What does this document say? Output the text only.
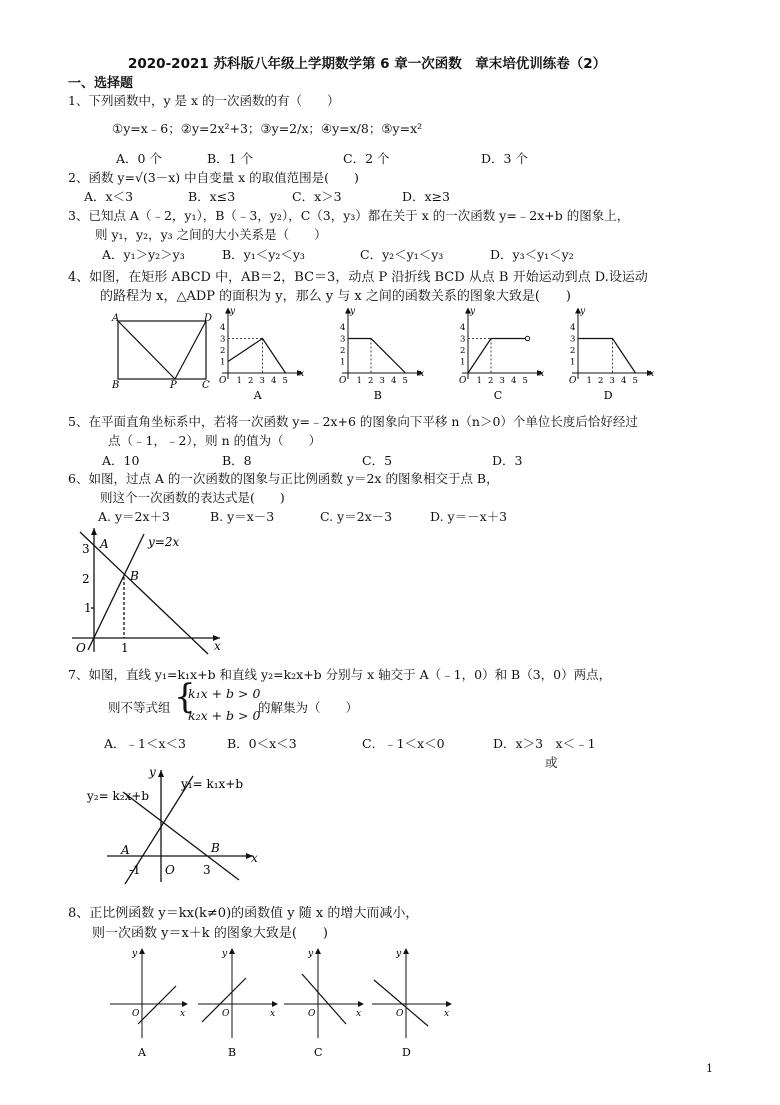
2020-2021 苏科版八年级上学期数学第 6 章一次函数　章末培优训练卷（2）
一、选择题
1、下列函数中，y 是 x 的一次函数的有（　　）
①y=x﹣6；②y=2x²+3；③y=2/x；④y=x/8；⑤y=x²
A．0 个	B．1 个	C．2 个	D．3 个
2、函数 y=√(3－x) 中自变量 x 的取值范围是(　　)
A．x＜3	B．x≤3	C．x＞3	D．x≥3
3、已知点 A（﹣2，y₁），B（﹣3，y₂），C（3，y₃）都在关于 x 的一次函数 y=﹣2x+b 的图象上，
则 y₁，y₂，y₃ 之间的大小关系是（　　）
A．y₁＞y₂＞y₃	B．y₁＜y₂＜y₃	C．y₂＜y₁＜y₃	D．y₃＜y₁＜y₂
4、如图，在矩形 ABCD 中，AB＝2，BC＝3，动点 P 沿折线 BCD 从点 B 开始运动到点 D.设运动
的路程为 x，△ADP 的面积为 y，那么 y 与 x 之间的函数关系的图象大致是(　　)
A	D
B	P	C
y
x
O 1
1
2
2
3
3
4
4
5
A
y
x
O 1
1
2
2
3
3
4
4
5
B
y
x
O 1
1
2
2
3
3
4
4
5
C
y
x
O 1
1
2
2
3
3
4
4
5
D
5、在平面直角坐标系中，若将一次函数 y=﹣2x+6 的图象向下平移 n（n＞0）个单位长度后恰好经过
点（﹣1，﹣2），则 n 的值为（　　）
A．10	B．8	C．5	D．3
6、如图，过点 A 的一次函数的图象与正比例函数 y＝2x 的图象相交于点 B，
则这个一次函数的表达式是(　　)
A. y＝2x＋3	B. y＝x－3	C. y＝2x－3	D. y＝－x＋3
3 A	y=2x
2	B
1
O	1	x
7、如图，直线 y₁=k₁x+b 和直线 y₂=k₂x+b 分别与 x 轴交于 A（﹣1，0）和 B（3，0）两点，
则不等式组 {
k₁x + b > 0
k₂x + b > 0
的解集为（　　）
A．﹣1＜x＜3	B．0＜x＜3	C．﹣1＜x＜0	D．x＞3　x＜﹣1
或
y
y₁= k₁x+b
y₂= k₂x+b
A	B
-1 O 3
x
8、正比例函数 y＝kx(k≠0)的函数值 y 随 x 的增大而减小，
则一次函数 y＝x＋k 的图象大致是(　　)
y
x
O
A
y
x
O
B
y
x
O
C
y
x
O
D
1
